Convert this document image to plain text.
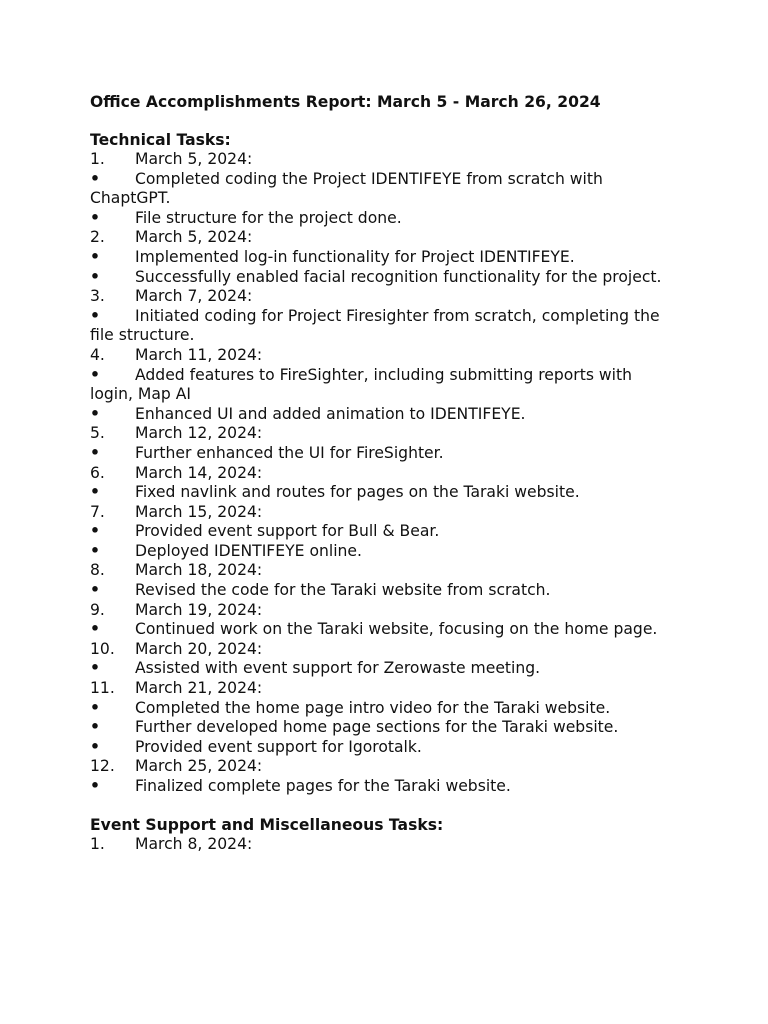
Office Accomplishments Report: March 5 - March 26, 2024

Technical Tasks:

1. March 5, 2024:

• Completed coding the Project IDENTIFEYE from scratch with ChaptGPT.

• File structure for the project done.

2. March 5, 2024:

• Implemented log-in functionality for Project IDENTIFEYE.

• Successfully enabled facial recognition functionality for the project.

3. March 7, 2024:

• Initiated coding for Project Firesighter from scratch, completing the file structure.

4. March 11, 2024:

• Added features to FireSighter, including submitting reports with login, Map AI

• Enhanced UI and added animation to IDENTIFEYE.

5. March 12, 2024:

• Further enhanced the UI for FireSighter.

6. March 14, 2024:

• Fixed navlink and routes for pages on the Taraki website.

7. March 15, 2024:

• Provided event support for Bull & Bear.

• Deployed IDENTIFEYE online.

8. March 18, 2024:

• Revised the code for the Taraki website from scratch.

9. March 19, 2024:

• Continued work on the Taraki website, focusing on the home page.

10. March 20, 2024:

• Assisted with event support for Zerowaste meeting.

11. March 21, 2024:

• Completed the home page intro video for the Taraki website.

• Further developed home page sections for the Taraki website.

• Provided event support for Igorotalk.

12. March 25, 2024:

• Finalized complete pages for the Taraki website.

Event Support and Miscellaneous Tasks:

1. March 8, 2024:
